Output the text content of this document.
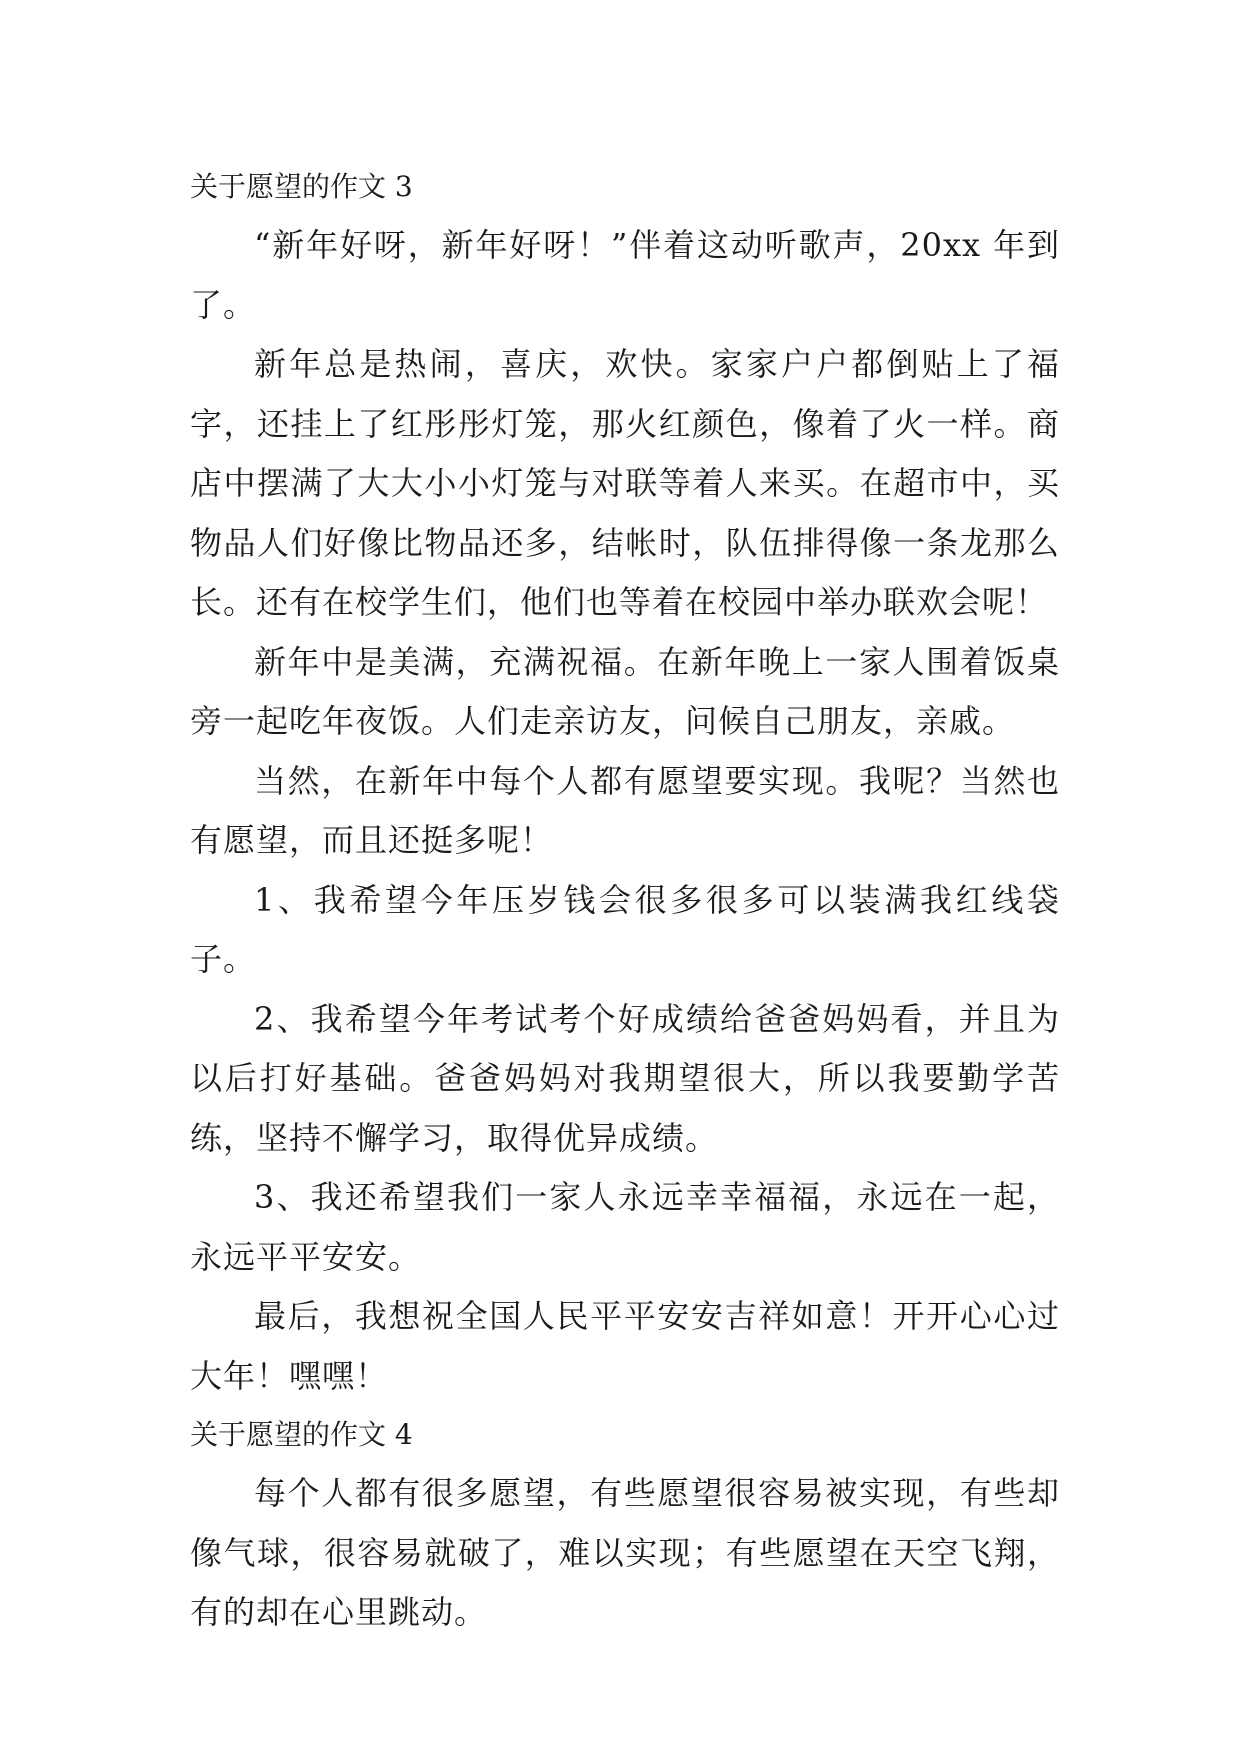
关于愿望的作文 3

“新年好呀，新年好呀！”伴着这动听歌声，20xx 年到了。

新年总是热闹，喜庆，欢快。家家户户都倒贴上了福字，还挂上了红彤彤灯笼，那火红颜色，像着了火一样。商店中摆满了大大小小灯笼与对联等着人来买。在超市中，买物品人们好像比物品还多，结帐时，队伍排得像一条龙那么长。还有在校学生们，他们也等着在校园中举办联欢会呢！

新年中是美满，充满祝福。在新年晚上一家人围着饭桌旁一起吃年夜饭。人们走亲访友，问候自己朋友，亲戚。

当然，在新年中每个人都有愿望要实现。我呢？当然也有愿望，而且还挺多呢！

1、我希望今年压岁钱会很多很多可以装满我红线袋子。

2、我希望今年考试考个好成绩给爸爸妈妈看，并且为以后打好基础。爸爸妈妈对我期望很大，所以我要勤学苦练，坚持不懈学习，取得优异成绩。

3、我还希望我们一家人永远幸幸福福，永远在一起，永远平平安安。

最后，我想祝全国人民平平安安吉祥如意！开开心心过大年！嘿嘿！

关于愿望的作文 4

每个人都有很多愿望，有些愿望很容易被实现，有些却像气球，很容易就破了，难以实现；有些愿望在天空飞翔，有的却在心里跳动。
